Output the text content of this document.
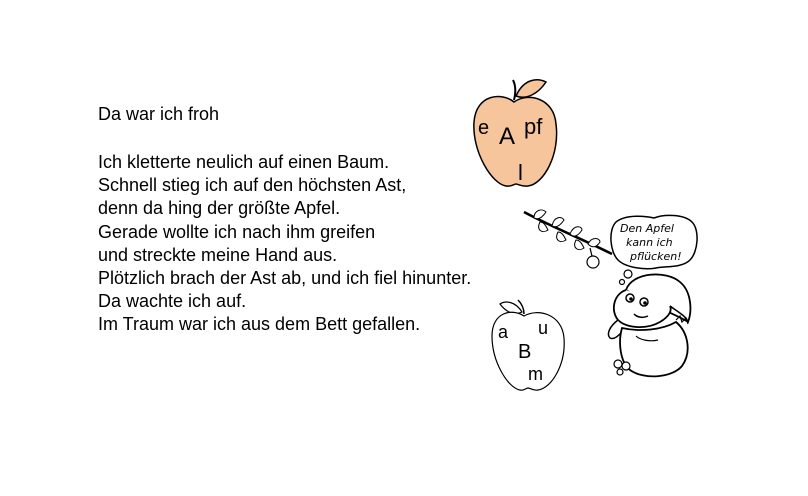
Da war ich froh
Ich kletterte neulich auf einen Baum.
Schnell stieg ich auf den höchsten Ast,
denn da hing der größte Apfel.
Gerade wollte ich nach ihm greifen
und streckte meine Hand aus.
Plötzlich brach der Ast ab, und ich fiel hinunter.
Da wachte ich auf.
Im Traum war ich aus dem Bett gefallen.
e A pf
l
a u
B
m
Den Apfel
kann ich
pflücken!
